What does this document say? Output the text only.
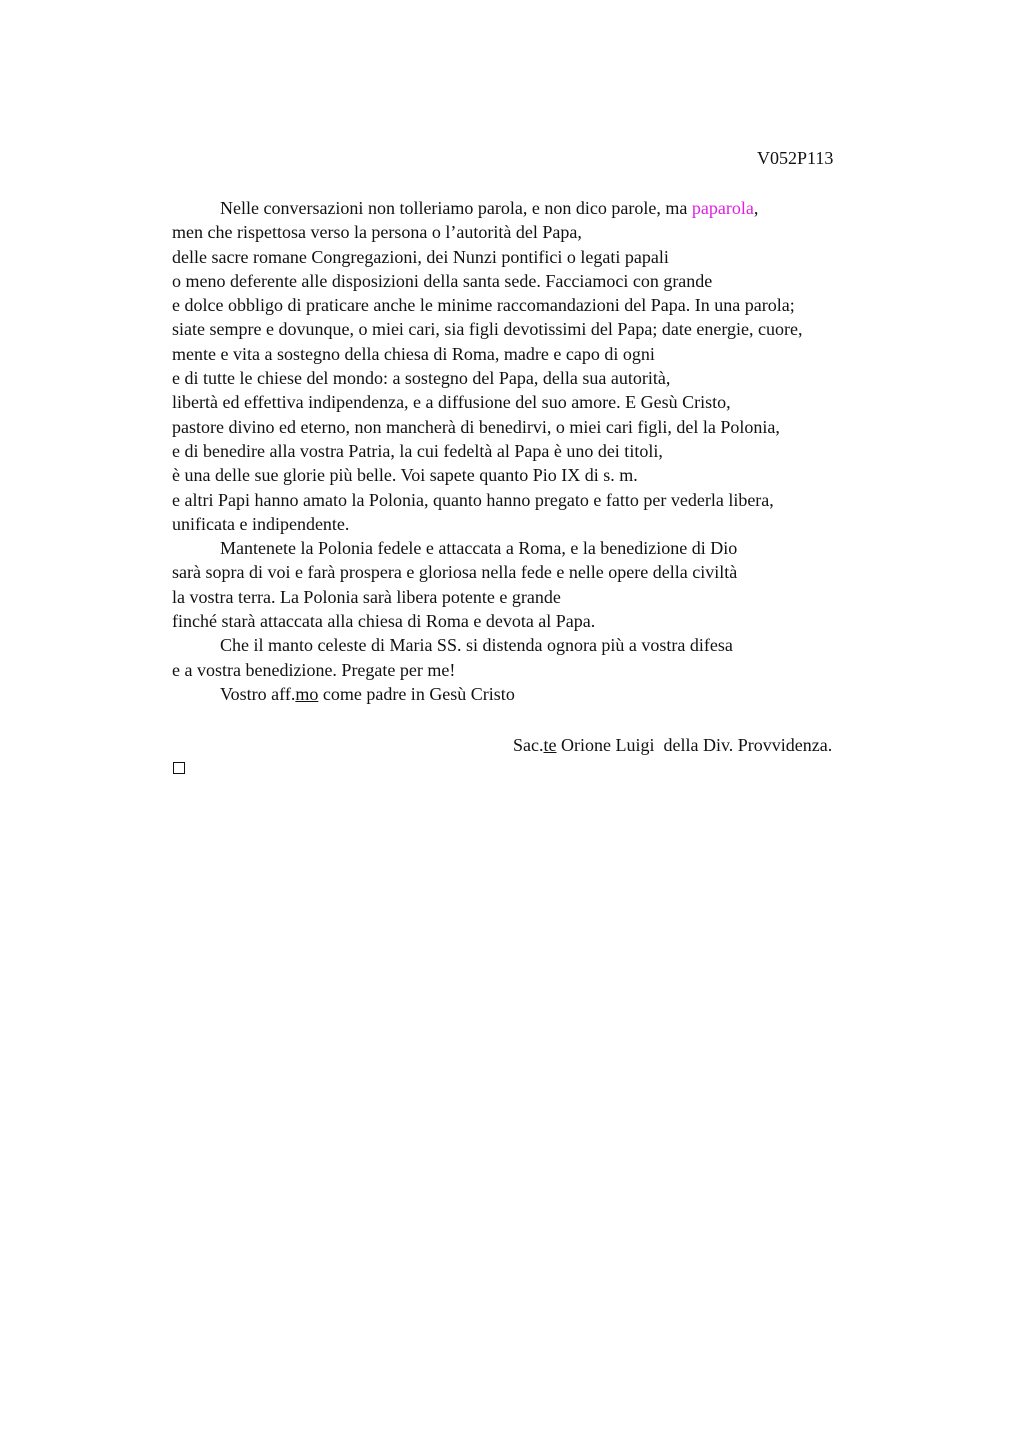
V052P113
Nelle conversazioni non tolleriamo parola, e non dico parole, ma paparola,
men che rispettosa verso la persona o l’autorità del Papa,
delle sacre romane Congregazioni, dei Nunzi pontifici o legati papali
o meno deferente alle disposizioni della santa sede. Facciamoci con grande
e dolce obbligo di praticare anche le minime raccomandazioni del Papa. In una parola;
siate sempre e dovunque, o miei cari, sia figli devotissimi del Papa; date energie, cuore,
mente e vita a sostegno della chiesa di Roma, madre e capo di ogni
e di tutte le chiese del mondo: a sostegno del Papa, della sua autorità,
libertà ed effettiva indipendenza, e a diffusione del suo amore. E Gesù Cristo,
pastore divino ed eterno, non mancherà di benedirvi, o miei cari figli, del la Polonia,
e di benedire alla vostra Patria, la cui fedeltà al Papa è uno dei titoli,
è una delle sue glorie più belle. Voi sapete quanto Pio IX di s. m.
e altri Papi hanno amato la Polonia, quanto hanno pregato e fatto per vederla libera,
unificata e indipendente.
Mantenete la Polonia fedele e attaccata a Roma, e la benedizione di Dio
sarà sopra di voi e farà prospera e gloriosa nella fede e nelle opere della civiltà
la vostra terra. La Polonia sarà libera potente e grande
finché starà attaccata alla chiesa di Roma e devota al Papa.
Che il manto celeste di Maria SS. si distenda ognora più a vostra difesa
e a vostra benedizione. Pregate per me!
Vostro aff.mo come padre in Gesù Cristo
Sac.te Orione Luigi  della Div. Provvidenza.
